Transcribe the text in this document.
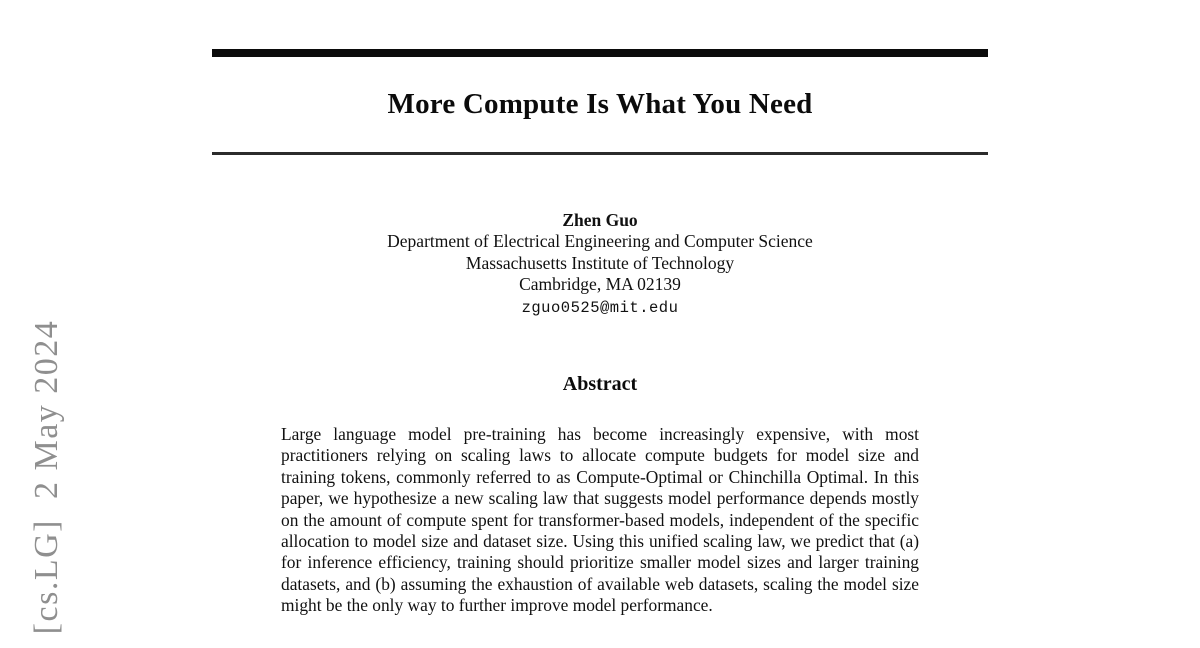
[cs.LG]  2 May 2024
More Compute Is What You Need
Zhen Guo
Department of Electrical Engineering and Computer Science
Massachusetts Institute of Technology
Cambridge, MA 02139
zguo0525@mit.edu
Abstract
Large language model pre-training has become increasingly expensive, with most practitioners relying on scaling laws to allocate compute budgets for model size and training tokens, commonly referred to as Compute-Optimal or Chinchilla Optimal. In this paper, we hypothesize a new scaling law that suggests model performance depends mostly on the amount of compute spent for transformer-based models, independent of the specific allocation to model size and dataset size. Using this unified scaling law, we predict that (a) for inference efficiency, training should prioritize smaller model sizes and larger training datasets, and (b) assuming the exhaustion of available web datasets, scaling the model size might be the only way to further improve model performance.
